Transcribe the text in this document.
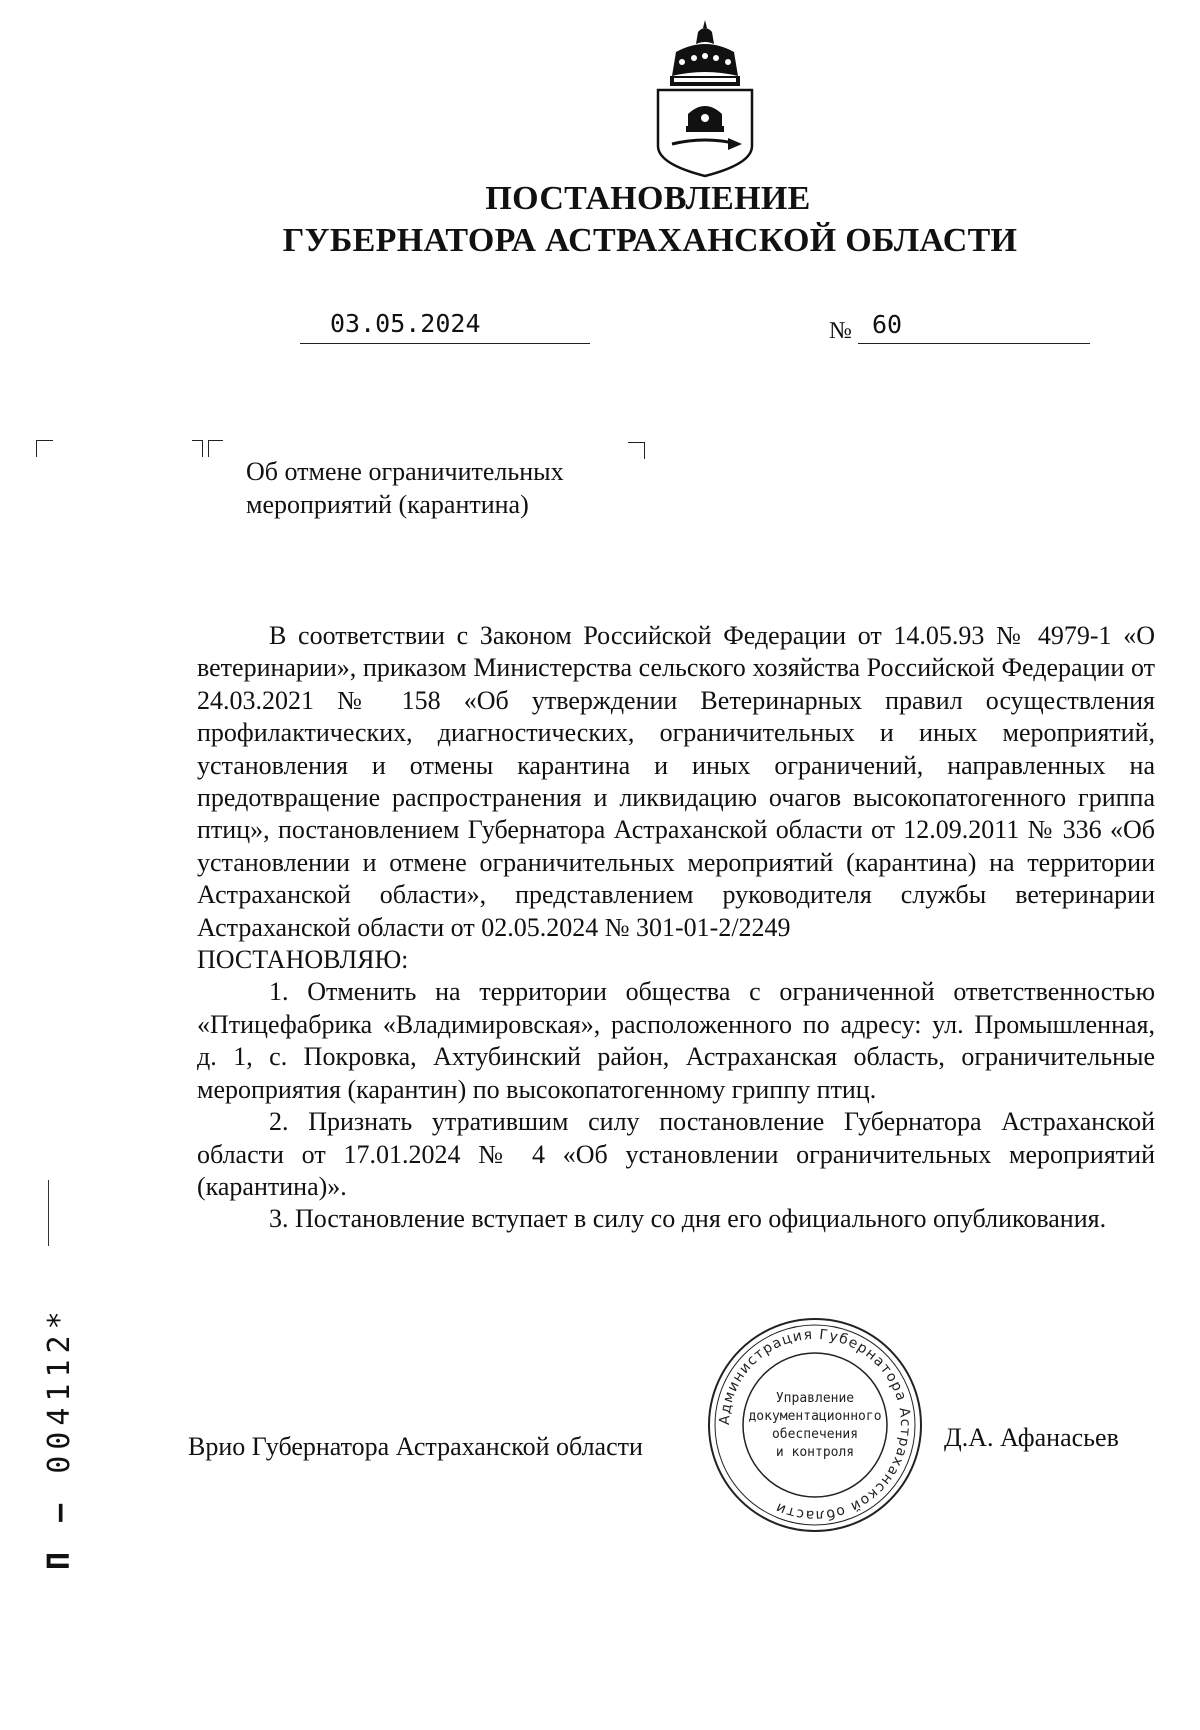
ПОСТАНОВЛЕНИЕ
ГУБЕРНАТОРА АСТРАХАНСКОЙ ОБЛАСТИ
03.05.2024	№ 60
Об отмене ограничительных
мероприятий (карантина)

В соответствии с Законом Российской Федерации от 14.05.93 № 4979-1 «О ветеринарии», приказом Министерства сельского хозяйства Российской Федерации от 24.03.2021 № 158 «Об утверждении Ветеринарных правил осуществления профилактических, диагностических, ограничительных и иных мероприятий, установления и отмены карантина и иных ограничений, направленных на предотвращение распространения и ликвидацию очагов высокопатогенного гриппа птиц», постановлением Губернатора Астраханской области от 12.09.2011 № 336 «Об установлении и отмене ограничительных мероприятий (карантина) на территории Астраханской области», представлением руководителя службы ветеринарии Астраханской области от 02.05.2024 № 301-01-2/2249

ПОСТАНОВЛЯЮ:

1. Отменить на территории общества с ограниченной ответственностью «Птицефабрика «Владимировская», расположенного по адресу: ул. Промышленная, д. 1, с. Покровка, Ахтубинский район, Астраханская область, ограничительные мероприятия (карантин) по высокопатогенному гриппу птиц.

2. Признать утратившим силу постановление Губернатора Астраханской области от 17.01.2024 № 4 «Об установлении ограничительных мероприятий (карантина)».

3. Постановление вступает в силу со дня его официального опубликования.

Врио Губернатора Астраханской области	Д.А. Афанасьев
Администрация Губернатора Астраханской области
Управление
документационного
обеспечения
и контроля
П – 004112*
